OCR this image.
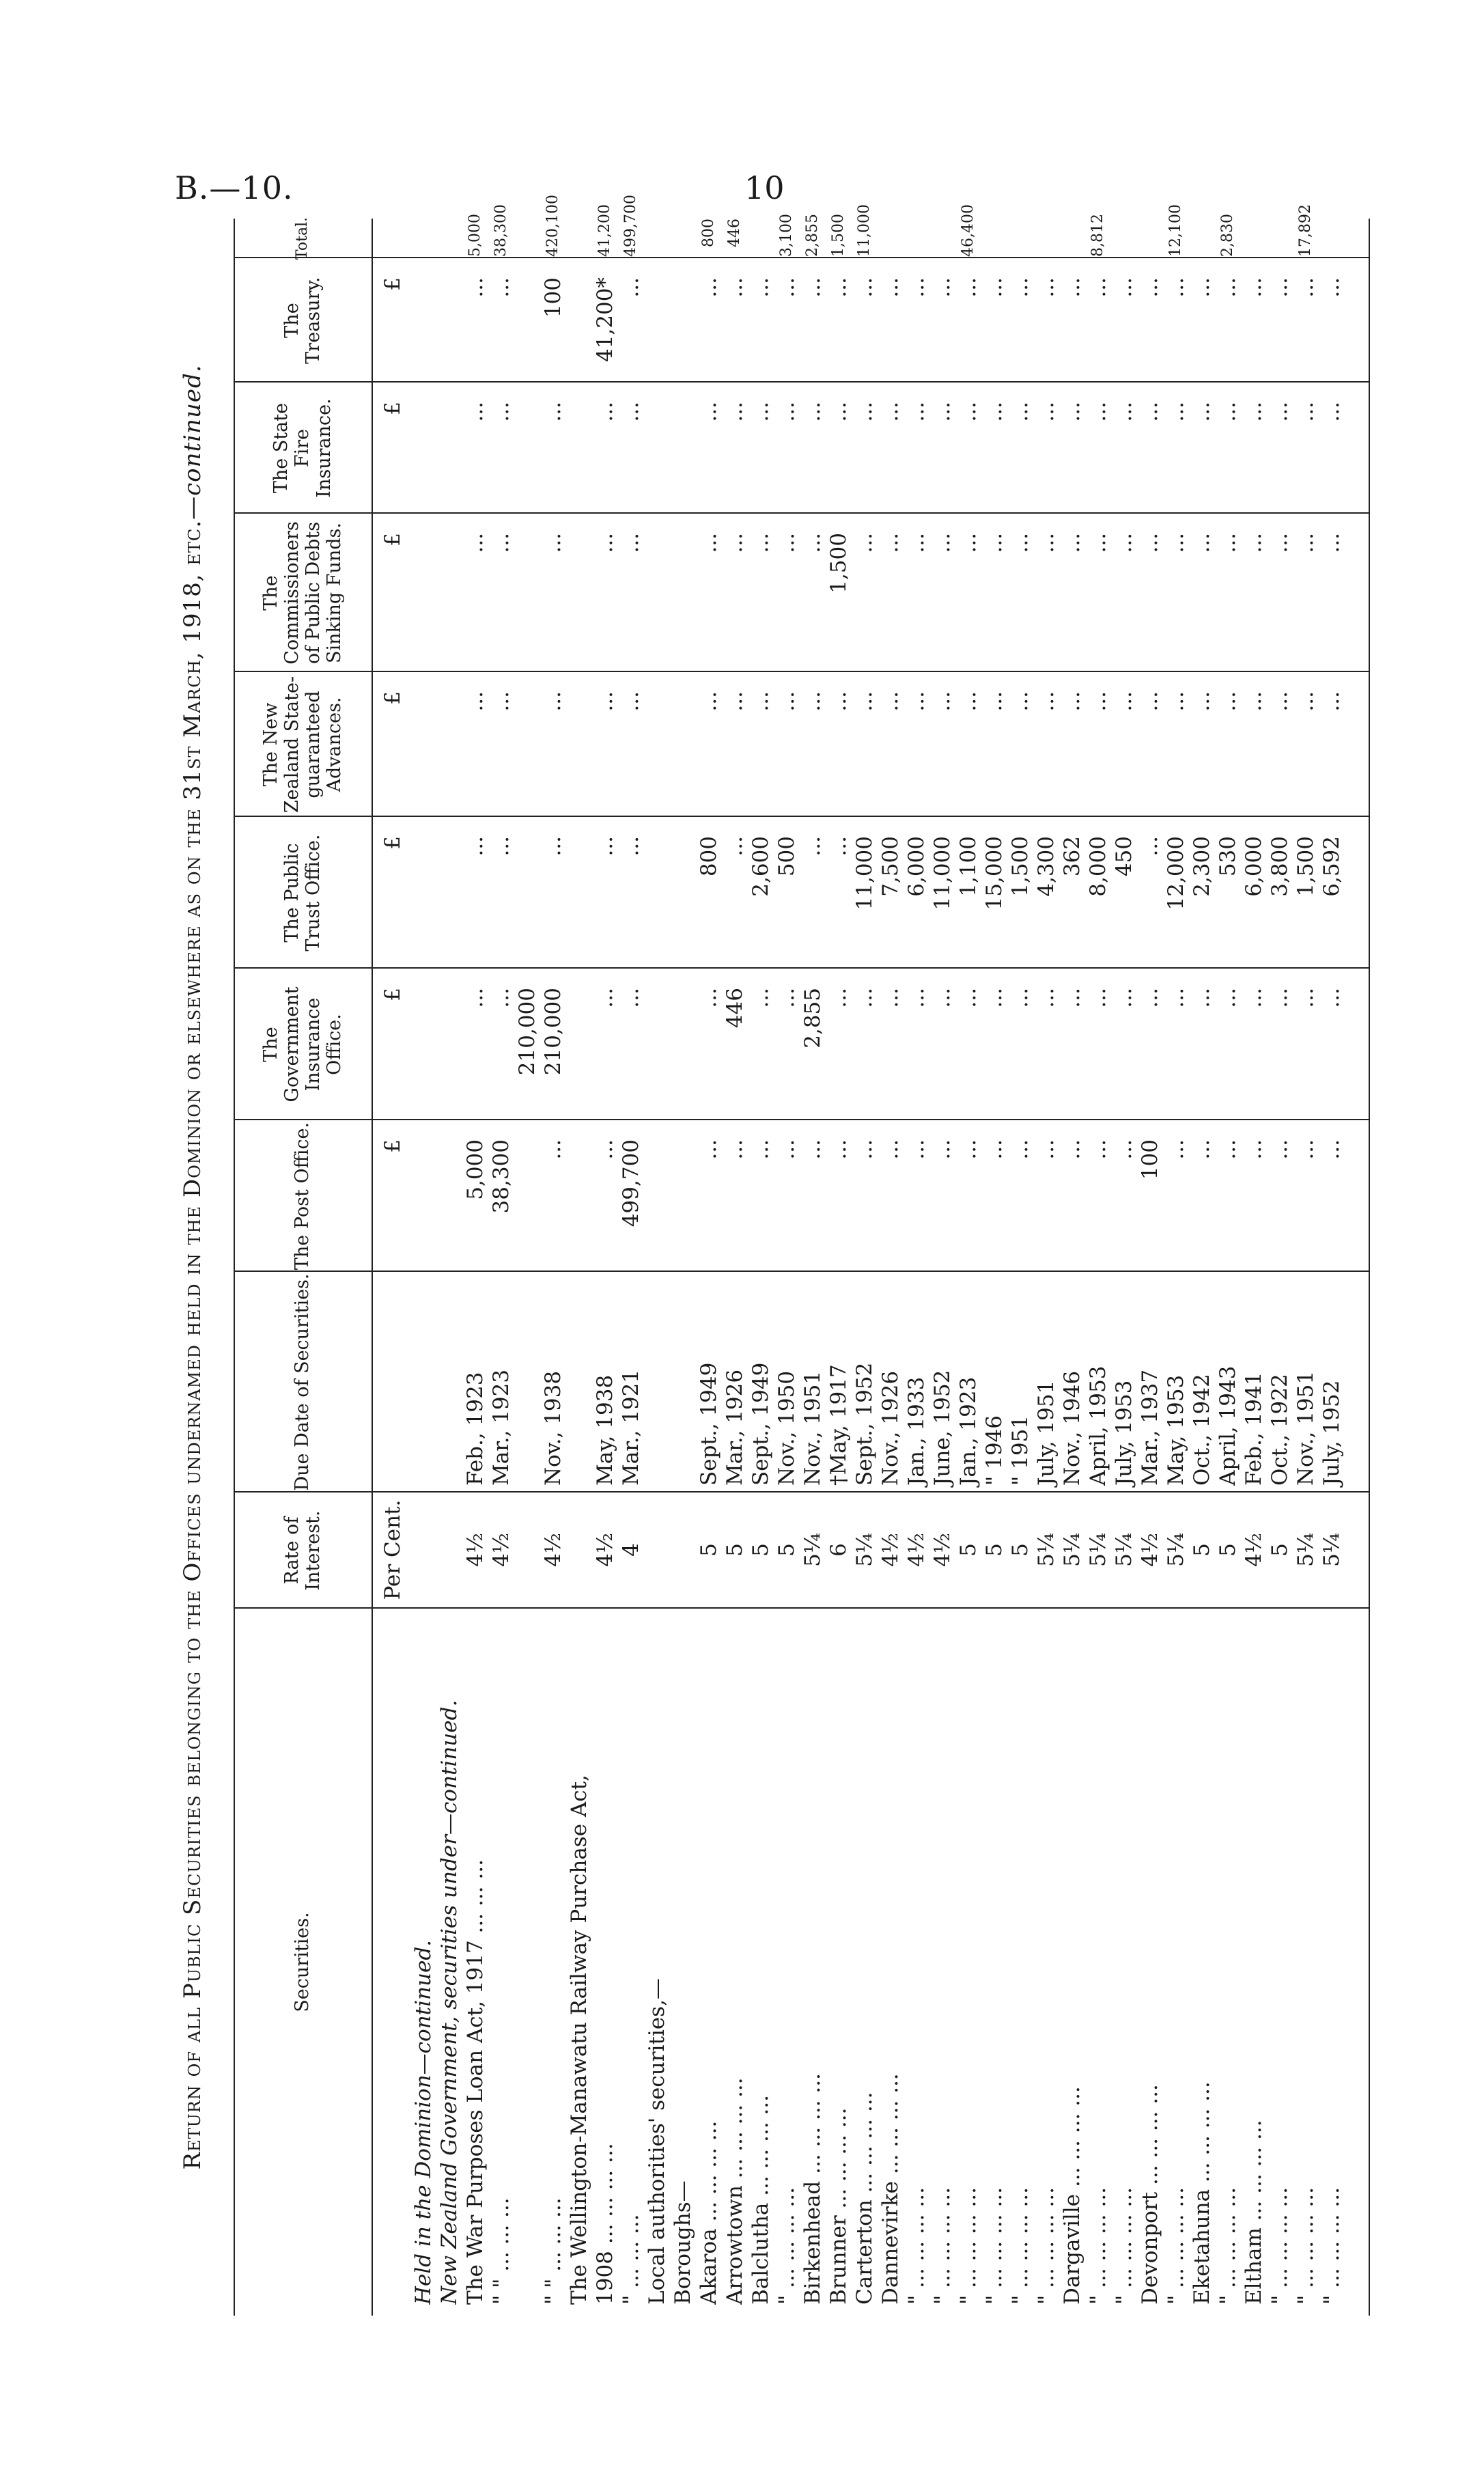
B.—10.	10
Return of all Public Securities belonging to the Offices undernamed held in the Dominion or elsewhere as on the 31st March, 1918, etc.—continued.
Securities.
Rate of Interest.
Due Date of Securities.
The Post Office.
The Government Insurance Office.
The Public Trust Office.
The New Zealand State-guaranteed Advances.
The Commissioners of Public Debts Sinking Funds.
The State Fire Insurance.
The Treasury.
Total.
Per Cent.
£
£
£
£
£
£
£
Held in the Dominion—continued. New Zealand Government, securities under—continued. The War Purposes Loan Act, 1917 ... ... ...
4½
Feb., 1923
5,000
...
...
...
...
...
...
5,000
" " ... ... ...
4½
Mar., 1923
38,300
...
...
...
...
...
...
38,300
210,000
" " ... ... ...
4½
Nov., 1938
...
210,000
...
...
...
...
100
420,100
The Wellington-Manawatu Railway Purchase Act, 1908 ... ... ... ...
4½
May, 1938
...
...
...
...
...
...
41,200*
41,200
" ... ... ...
4
Mar., 1921
499,700
...
...
...
...
...
...
499,700
Local authorities' securities,— Boroughs— Akaroa ... ... ... ...
5
Sept., 1949
...
...
800
...
...
...
...
800
Arrowtown ... ... ... ...
5
Mar., 1926
...
446
...
...
...
...
...
446
Balclutha ... ... ... ...
5
Sept., 1949
...
...
2,600
...
...
...
...
" ... ... ... ...
5
Nov., 1950
...
...
500
...
...
...
...
3,100
Birkenhead ... ... ... ...
5¼
Nov., 1951
...
2,855
...
...
...
...
...
2,855
Brunner ... ... ... ...
6
†May, 1917
...
...
...
...
1,500
...
...
1,500
Carterton ... ... ... ...
5¼
Sept., 1952
...
...
11,000
...
...
...
...
11,000
Dannevirke ... ... ... ...
4½
Nov., 1926
...
...
7,500
...
...
...
...
" ... ... ... ...
4½
Jan., 1933
...
...
6,000
...
...
...
...
" ... ... ... ...
4½
June, 1952
...
...
11,000
...
...
...
...
" ... ... ... ...
5
Jan., 1923
...
...
1,100
...
...
...
...
46,400
" ... ... ... ...
5
" 1946
...
...
15,000
...
...
...
...
" ... ... ... ...
5
" 1951
...
...
1,500
...
...
...
...
" ... ... ... ...
5¼
July, 1951
...
...
4,300
...
...
...
...
Dargaville ... ... ... ...
5¼
Nov., 1946
...
...
362
...
...
...
...
" ... ... ... ...
5¼
April, 1953
...
...
8,000
...
...
...
...
8,812
" ... ... ... ...
5¼
July, 1953
...
...
450
...
...
...
...
Devonport ... ... ... ...
4½
Mar., 1937
100
...
...
...
...
...
...
" ... ... ... ...
5¼
May, 1953
...
...
12,000
...
...
...
...
12,100
Eketahuna ... ... ... ...
5
Oct., 1942
...
...
2,300
...
...
...
...
" ... ... ... ...
5
April, 1943
...
...
530
...
...
...
...
2,830
Eltham ... ... ... ...
4½
Feb., 1941
...
...
6,000
...
...
...
...
" ... ... ... ...
5
Oct., 1922
...
...
3,800
...
...
...
...
" ... ... ... ...
5¼
Nov., 1951
...
...
1,500
...
...
...
...
17,892
" ... ... ... ...
5¼
July, 1952
...
...
6,592
...
...
...
...
